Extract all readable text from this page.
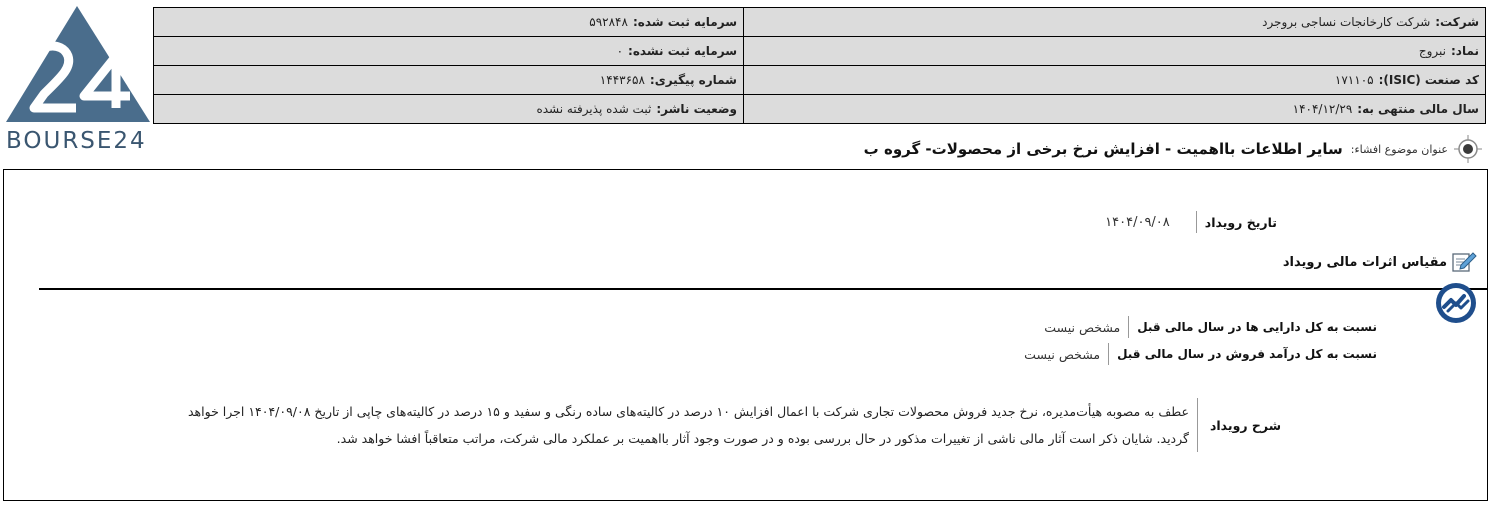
BOURSE24
شرکت:شرکت کارخانجات نساجی بروجرد	سرمایه ثبت شده:۵۹۲۸۴۸
نماد:نبروج	سرمایه ثبت نشده:۰
کد صنعت (ISIC):۱۷۱۱۰۵	شماره پیگیری:۱۴۴۳۶۵۸
سال مالی منتهی به:۱۴۰۴/۱۲/۲۹	وضعیت ناشر:ثبت شده پذیرفته نشده
عنوان موضوع افشاء:
سایر اطلاعات بااهمیت - افزایش نرخ برخی از محصولات- گروه ب
تاریخ رویداد
۱۴۰۴/۰۹/۰۸
مقیاس اثرات مالی رویداد
نسبت به کل دارایی ها در سال مالی قبل
مشخص نیست
نسبت به کل درآمد فروش در سال مالی قبل
مشخص نیست
شرح رویداد
عطف به مصوبه هیأت‌مدیره، نرخ جدید فروش محصولات تجاری شرکت با اعمال افزایش ۱۰ درصد در کالیته‌های ساده رنگی و سفید و ۱۵ درصد در کالیته‌های چاپی از تاریخ ۱۴۰۴/۰۹/۰۸ اجرا خواهد
گردید. شایان ذکر است آثار مالی ناشی از تغییرات مذکور در حال بررسی بوده و در صورت وجود آثار بااهمیت بر عملکرد مالی شرکت، مراتب متعاقباً افشا خواهد شد.
